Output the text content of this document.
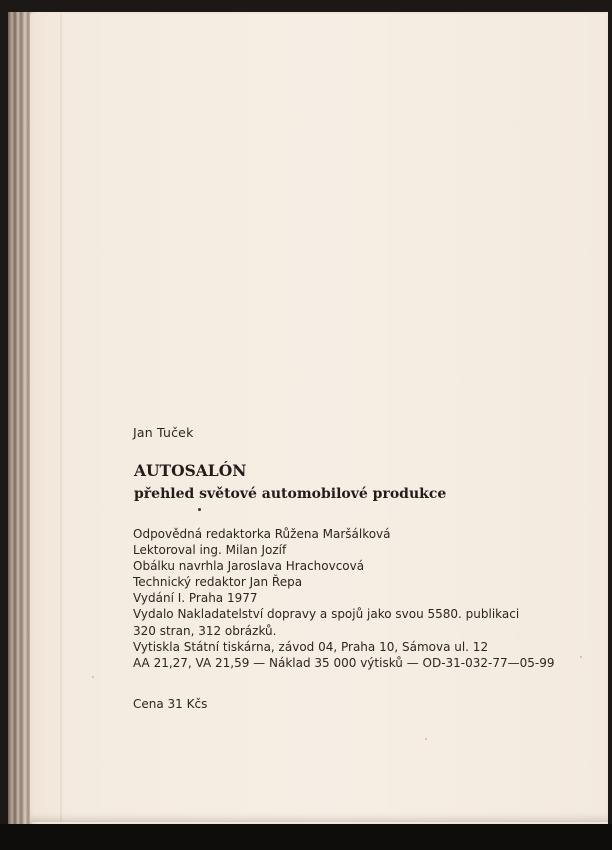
Jan Tuček
AUTOSALÓN
přehled světové automobilové produkce
Odpovědná redaktorka Růžena Maršálková
Lektoroval ing. Milan Jozíf
Obálku navrhla Jaroslava Hrachovcová
Technický redaktor Jan Řepa
Vydání I. Praha 1977
Vydalo Nakladatelství dopravy a spojů jako svou 5580. publikaci
320 stran, 312 obrázků.
Vytiskla Státní tiskárna, závod 04, Praha 10, Sámova ul. 12
AA 21,27, VA 21,59 — Náklad 35 000 výtisků — OD-31-032-77—05-99
Cena 31 Kčs
